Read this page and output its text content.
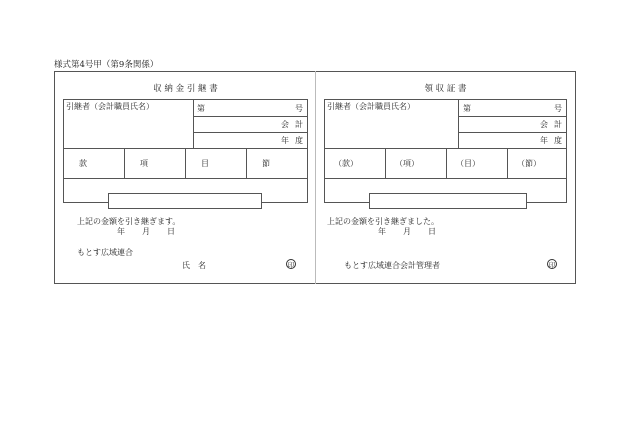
様式第4号甲（第9条関係）
収 納 金 引 継 書
引継者（会計職員氏名）	第	号
会 計
年 度
款	項	目	節
上記の金額を引き継ぎます。
年 月 日
もとす広域連合
氏　名	印
領 収 証 書
引継者（会計職員氏名）	第	号
会 計
年 度
（款）	（項）	（目）	（節）
上記の金額を引き継ぎました。
年 月 日
もとす広域連合会計管理者	印
